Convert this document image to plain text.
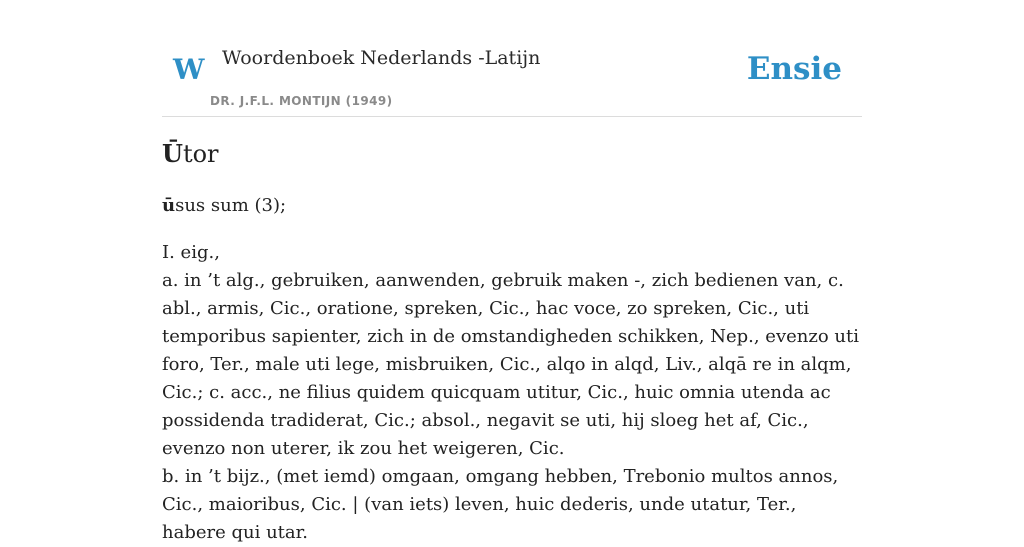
W Woordenboek Nederlands -Latijn
DR. J.F.L. MONTIJN (1949)
Ensie
Ūtor

ūsus sum (3);

I. eig.,
a. in ’t alg., gebruiken, aanwenden, gebruik maken -, zich bedienen van, c. abl., armis, Cic., oratione, spreken, Cic., hac voce, zo spreken, Cic., uti temporibus sapienter, zich in de omstandigheden schikken, Nep., evenzo uti foro, Ter., male uti lege, misbruiken, Cic., alqo in alqd, Liv., alqā re in alqm, Cic.; c. acc., ne filius quidem quicquam utitur, Cic., huic omnia utenda ac possidenda tradiderat, Cic.; absol., negavit se uti, hij sloeg het af, Cic., evenzo non uterer, ik zou het weigeren, Cic.
b. in ’t bijz., (met iemd) omgaan, omgang hebben, Trebonio multos annos, Cic., maioribus, Cic. | (van iets) leven, huic dederis, unde utatur, Ter., habere qui utar.
